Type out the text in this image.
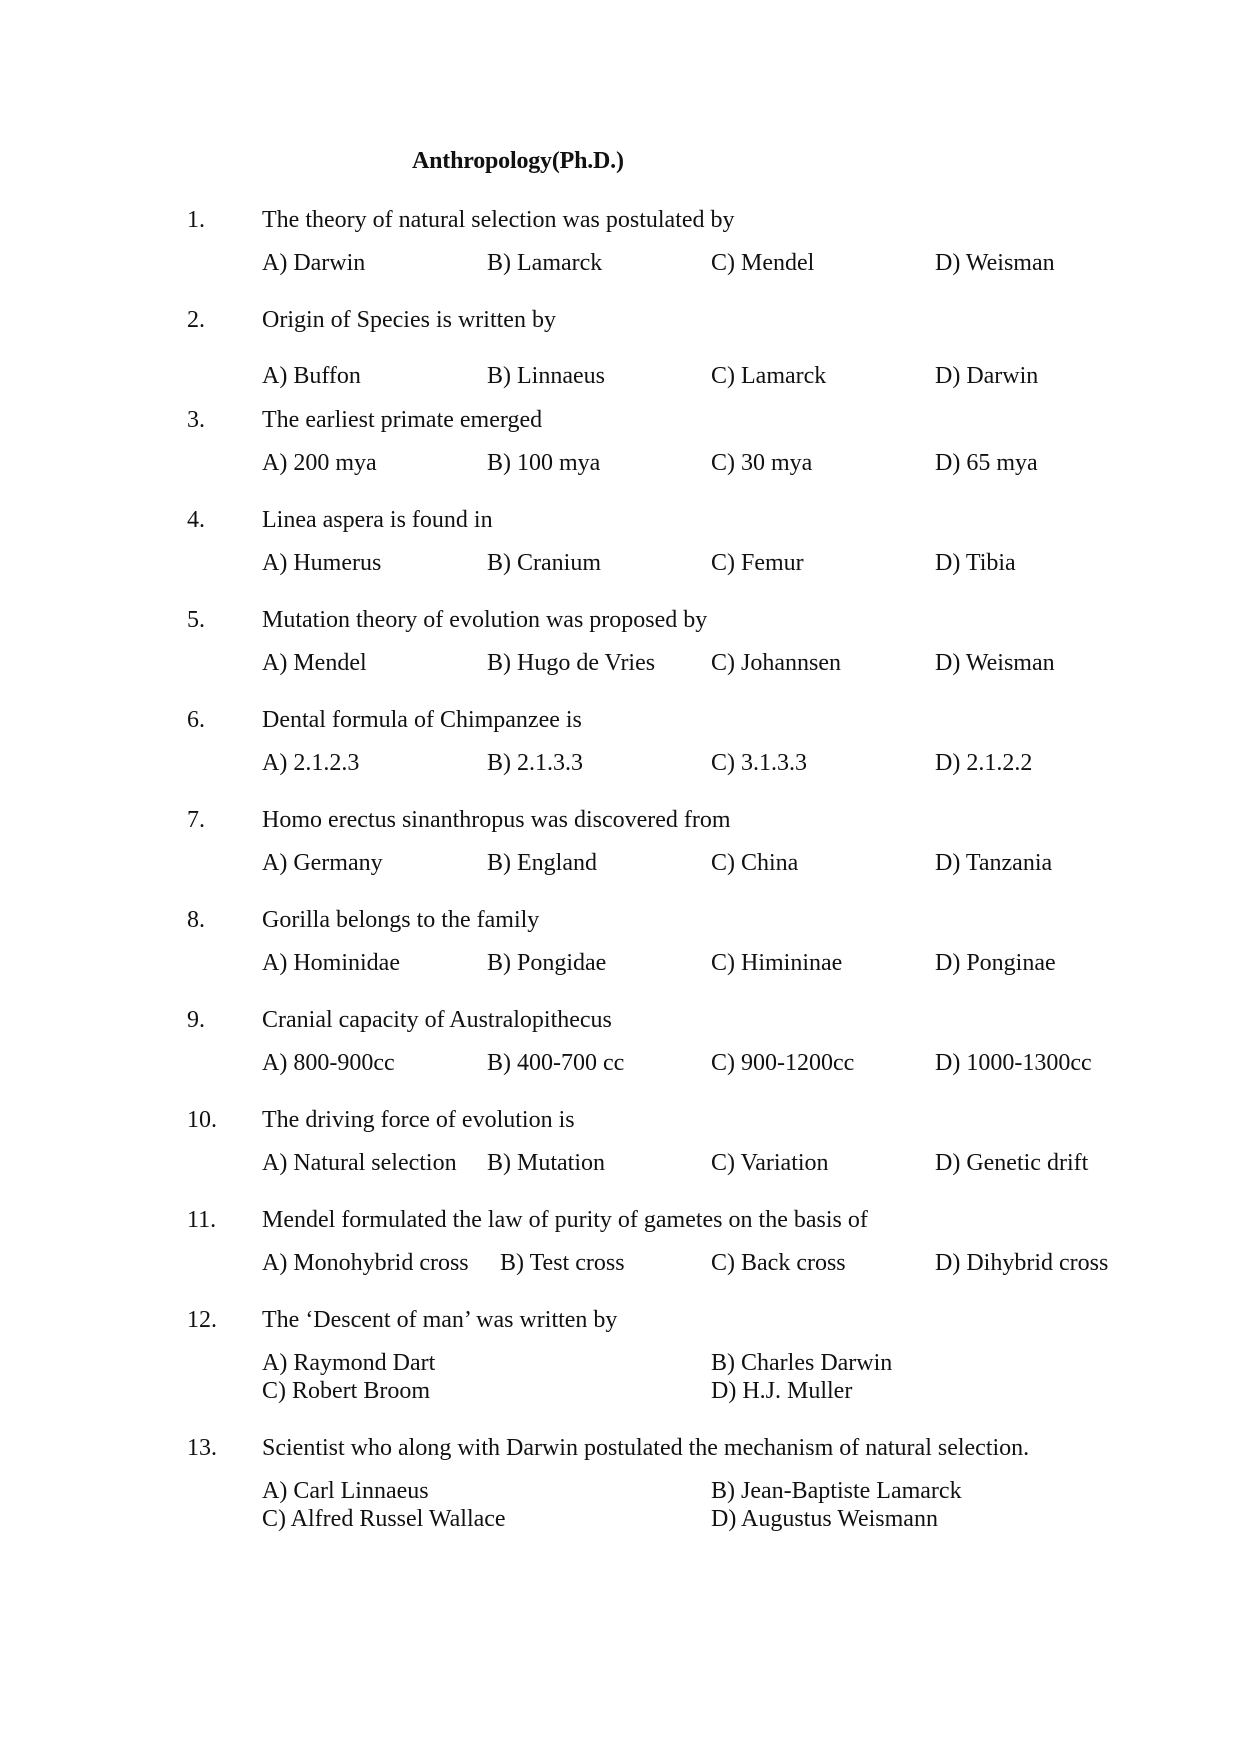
Anthropology(Ph.D.)
1. The theory of natural selection was postulated by
A) Darwin	B) Lamarck	C) Mendel	D) Weisman
2. Origin of Species is written by
A) Buffon	B) Linnaeus	C) Lamarck	D) Darwin
3. The earliest primate emerged
A) 200 mya	B) 100 mya	C) 30 mya	D) 65 mya
4. Linea aspera is found in
A) Humerus	B) Cranium	C) Femur	D) Tibia
5. Mutation theory of evolution was proposed by
A) Mendel	B) Hugo de Vries C) Johannsen	D) Weisman
6. Dental formula of Chimpanzee is
A) 2.1.2.3	B) 2.1.3.3	C) 3.1.3.3	D) 2.1.2.2
7. Homo erectus sinanthropus was discovered from
A) Germany	B) England	C) China	D) Tanzania
8. Gorilla belongs to the family
A) Hominidae	B) Pongidae	C) Himininae	D) Ponginae
9. Cranial capacity of Australopithecus
A) 800-900cc	B) 400-700 cc	C) 900-1200cc	D) 1000-1300cc
10. The driving force of evolution is
A) Natural selection B) Mutation	C) Variation	D) Genetic drift
11. Mendel formulated the law of purity of gametes on the basis of
A) Monohybrid cross B) Test cross	C) Back cross	D) Dihybrid cross
12. The ‘Descent of man’ was written by
A) Raymond Dart	B) Charles Darwin
C) Robert Broom	D) H.J. Muller
13. Scientist who along with Darwin postulated the mechanism of natural selection.
A) Carl Linnaeus	B) Jean-Baptiste Lamarck
C) Alfred Russel Wallace	D) Augustus Weismann
